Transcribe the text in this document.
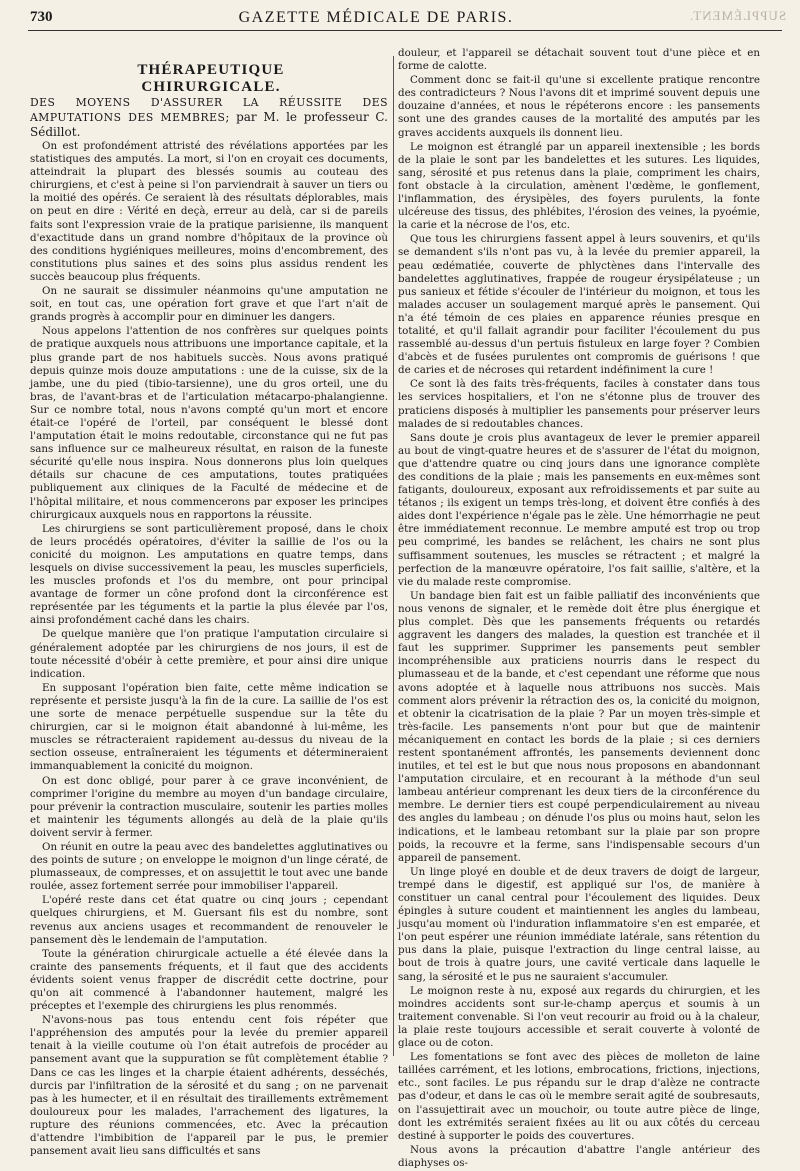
730	GAZETTE MÉDICALE DE PARIS.	SUPPLÉMENT.
THÉRAPEUTIQUE CHIRURGICALE.
DES MOYENS D'ASSURER LA RÉUSSITE DES AMPUTATIONS DES MEMBRES; par M. le professeur C. Sédillot.

On est profondément attristé des révélations apportées par les statistiques des amputés. La mort, si l'on en croyait ces documents, atteindrait la plupart des blessés soumis au couteau des chirurgiens, et c'est à peine si l'on parviendrait à sauver un tiers ou la moitié des opérés. Ce seraient là des résultats déplorables, mais on peut en dire : Vérité en deçà, erreur au delà, car si de pareils faits sont l'expression vraie de la pratique parisienne, ils manquent d'exactitude dans un grand nombre d'hôpitaux de la province où des conditions hygiéniques meilleures, moins d'encombrement, des constitutions plus saines et des soins plus assidus rendent les succès beaucoup plus fréquents.

On ne saurait se dissimuler néanmoins qu'une amputation ne soit, en tout cas, une opération fort grave et que l'art n'ait de grands progrès à accomplir pour en diminuer les dangers.

Nous appelons l'attention de nos confrères sur quelques points de pratique auxquels nous attribuons une importance capitale, et la plus grande part de nos habituels succès. Nous avons pratiqué depuis quinze mois douze amputations : une de la cuisse, six de la jambe, une du pied (tibio-tarsienne), une du gros orteil, une du bras, de l'avant-bras et de l'articulation métacarpo-phalangienne. Sur ce nombre total, nous n'avons compté qu'un mort et encore était-ce l'opéré de l'orteil, par conséquent le blessé dont l'amputation était le moins redoutable, circonstance qui ne fut pas sans influence sur ce malheureux résultat, en raison de la funeste sécurité qu'elle nous inspira. Nous donnerons plus loin quelques détails sur chacune de ces amputations, toutes pratiquées publiquement aux cliniques de la Faculté de médecine et de l'hôpital militaire, et nous commencerons par exposer les principes chirurgicaux auxquels nous en rapportons la réussite.

Les chirurgiens se sont particulièrement proposé, dans le choix de leurs procédés opératoires, d'éviter la saillie de l'os ou la conicité du moignon. Les amputations en quatre temps, dans lesquels on divise successivement la peau, les muscles superficiels, les muscles profonds et l'os du membre, ont pour principal avantage de former un cône profond dont la circonférence est représentée par les téguments et la partie la plus élevée par l'os, ainsi profondément caché dans les chairs.

De quelque manière que l'on pratique l'amputation circulaire si généralement adoptée par les chirurgiens de nos jours, il est de toute nécessité d'obéir à cette première, et pour ainsi dire unique indication.

En supposant l'opération bien faite, cette même indication se représente et persiste jusqu'à la fin de la cure. La saillie de l'os est une sorte de menace perpétuelle suspendue sur la tête du chirurgien, car si le moignon était abandonné à lui-même, les muscles se rétracteraient rapidement au-dessus du niveau de la section osseuse, entraîneraient les téguments et détermineraient immanquablement la conicité du moignon.

On est donc obligé, pour parer à ce grave inconvénient, de comprimer l'origine du membre au moyen d'un bandage circulaire, pour prévenir la contraction musculaire, soutenir les parties molles et maintenir les téguments allongés au delà de la plaie qu'ils doivent servir à fermer.

On réunit en outre la peau avec des bandelettes agglutinatives ou des points de suture ; on enveloppe le moignon d'un linge cératé, de plumasseaux, de compresses, et on assujettit le tout avec une bande roulée, assez fortement serrée pour immobiliser l'appareil.

L'opéré reste dans cet état quatre ou cinq jours ; cependant quelques chirurgiens, et M. Guersant fils est du nombre, sont revenus aux anciens usages et recommandent de renouveler le pansement dès le lendemain de l'amputation.

Toute la génération chirurgicale actuelle a été élevée dans la crainte des pansements fréquents, et il faut que des accidents évidents soient venus frapper de discrédit cette doctrine, pour qu'on ait commencé à l'abandonner hautement, malgré les préceptes et l'exemple des chirurgiens les plus renommés.

N'avons-nous pas tous entendu cent fois répéter que l'appréhension des amputés pour la levée du premier appareil tenait à la vieille coutume où l'on était autrefois de procéder au pansement avant que la suppuration se fût complètement établie ? Dans ce cas les linges et la charpie étaient adhérents, desséchés, durcis par l'infiltration de la sérosité et du sang ; on ne parvenait pas à les humecter, et il en résultait des tiraillements extrêmement douloureux pour les malades, l'arrachement des ligatures, la rupture des réunions commencées, etc. Avec la précaution d'attendre l'imbibition de l'appareil par le pus, le premier pansement avait lieu sans difficultés et sans

douleur, et l'appareil se détachait souvent tout d'une pièce et en forme de calotte.

Comment donc se fait-il qu'une si excellente pratique rencontre des contradicteurs ? Nous l'avons dit et imprimé souvent depuis une douzaine d'années, et nous le répéterons encore : les pansements sont une des grandes causes de la mortalité des amputés par les graves accidents auxquels ils donnent lieu.

Le moignon est étranglé par un appareil inextensible ; les bords de la plaie le sont par les bandelettes et les sutures. Les liquides, sang, sérosité et pus retenus dans la plaie, compriment les chairs, font obstacle à la circulation, amènent l'œdème, le gonflement, l'inflammation, des érysipèles, des foyers purulents, la fonte ulcéreuse des tissus, des phlébites, l'érosion des veines, la pyoémie, la carie et la nécrose de l'os, etc.

Que tous les chirurgiens fassent appel à leurs souvenirs, et qu'ils se demandent s'ils n'ont pas vu, à la levée du premier appareil, la peau œdématiée, couverte de phlyctènes dans l'intervalle des bandelettes agglutinatives, frappée de rougeur érysipélateuse ; un pus sanieux et fétide s'écouler de l'intérieur du moignon, et tous les malades accuser un soulagement marqué après le pansement. Qui n'a été témoin de ces plaies en apparence réunies presque en totalité, et qu'il fallait agrandir pour faciliter l'écoulement du pus rassemblé au-dessus d'un pertuis fistuleux en large foyer ? Combien d'abcès et de fusées purulentes ont compromis de guérisons ! que de caries et de nécroses qui retardent indéfiniment la cure !

Ce sont là des faits très-fréquents, faciles à constater dans tous les services hospitaliers, et l'on ne s'étonne plus de trouver des praticiens disposés à multiplier les pansements pour préserver leurs malades de si redoutables chances.

Sans doute je crois plus avantageux de lever le premier appareil au bout de vingt-quatre heures et de s'assurer de l'état du moignon, que d'attendre quatre ou cinq jours dans une ignorance complète des conditions de la plaie ; mais les pansements en eux-mêmes sont fatigants, douloureux, exposant aux refroidissements et par suite au tétanos ; ils exigent un temps très-long, et doivent être confiés à des aides dont l'expérience n'égale pas le zèle. Une hémorrhagie ne peut être immédiatement reconnue. Le membre amputé est trop ou trop peu comprimé, les bandes se relâchent, les chairs ne sont plus suffisamment soutenues, les muscles se rétractent ; et malgré la perfection de la manœuvre opératoire, l'os fait saillie, s'altère, et la vie du malade reste compromise.

Un bandage bien fait est un faible palliatif des inconvénients que nous venons de signaler, et le remède doit être plus énergique et plus complet. Dès que les pansements fréquents ou retardés aggravent les dangers des malades, la question est tranchée et il faut les supprimer. Supprimer les pansements peut sembler incompréhensible aux praticiens nourris dans le respect du plumasseau et de la bande, et c'est cependant une réforme que nous avons adoptée et à laquelle nous attribuons nos succès. Mais comment alors prévenir la rétraction des os, la conicité du moignon, et obtenir la cicatrisation de la plaie ? Par un moyen très-simple et très-facile. Les pansements n'ont pour but que de maintenir mécaniquement en contact les bords de la plaie ; si ces derniers restent spontanément affrontés, les pansements deviennent donc inutiles, et tel est le but que nous nous proposons en abandonnant l'amputation circulaire, et en recourant à la méthode d'un seul lambeau antérieur comprenant les deux tiers de la circonférence du membre. Le dernier tiers est coupé perpendiculairement au niveau des angles du lambeau ; on dénude l'os plus ou moins haut, selon les indications, et le lambeau retombant sur la plaie par son propre poids, la recouvre et la ferme, sans l'indispensable secours d'un appareil de pansement.

Un linge ployé en double et de deux travers de doigt de largeur, trempé dans le digestif, est appliqué sur l'os, de manière à constituer un canal central pour l'écoulement des liquides. Deux épingles à suture coudent et maintiennent les angles du lambeau, jusqu'au moment où l'induration inflammatoire s'en est emparée, et l'on peut espérer une réunion immédiate latérale, sans rétention du pus dans la plaie, puisque l'extraction du linge central laisse, au bout de trois à quatre jours, une cavité verticale dans laquelle le sang, la sérosité et le pus ne sauraient s'accumuler.

Le moignon reste à nu, exposé aux regards du chirurgien, et les moindres accidents sont sur-le-champ aperçus et soumis à un traitement convenable. Si l'on veut recourir au froid ou à la chaleur, la plaie reste toujours accessible et serait couverte à volonté de glace ou de coton.

Les fomentations se font avec des pièces de molleton de laine taillées carrément, et les lotions, embrocations, frictions, injections, etc., sont faciles. Le pus répandu sur le drap d'alèze ne contracte pas d'odeur, et dans le cas où le membre serait agité de soubresauts, on l'assujettirait avec un mouchoir, ou toute autre pièce de linge, dont les extrémités seraient fixées au lit ou aux côtés du cerceau destiné à supporter le poids des couvertures.

Nous avons la précaution d'abattre l'angle antérieur des diaphyses os-
